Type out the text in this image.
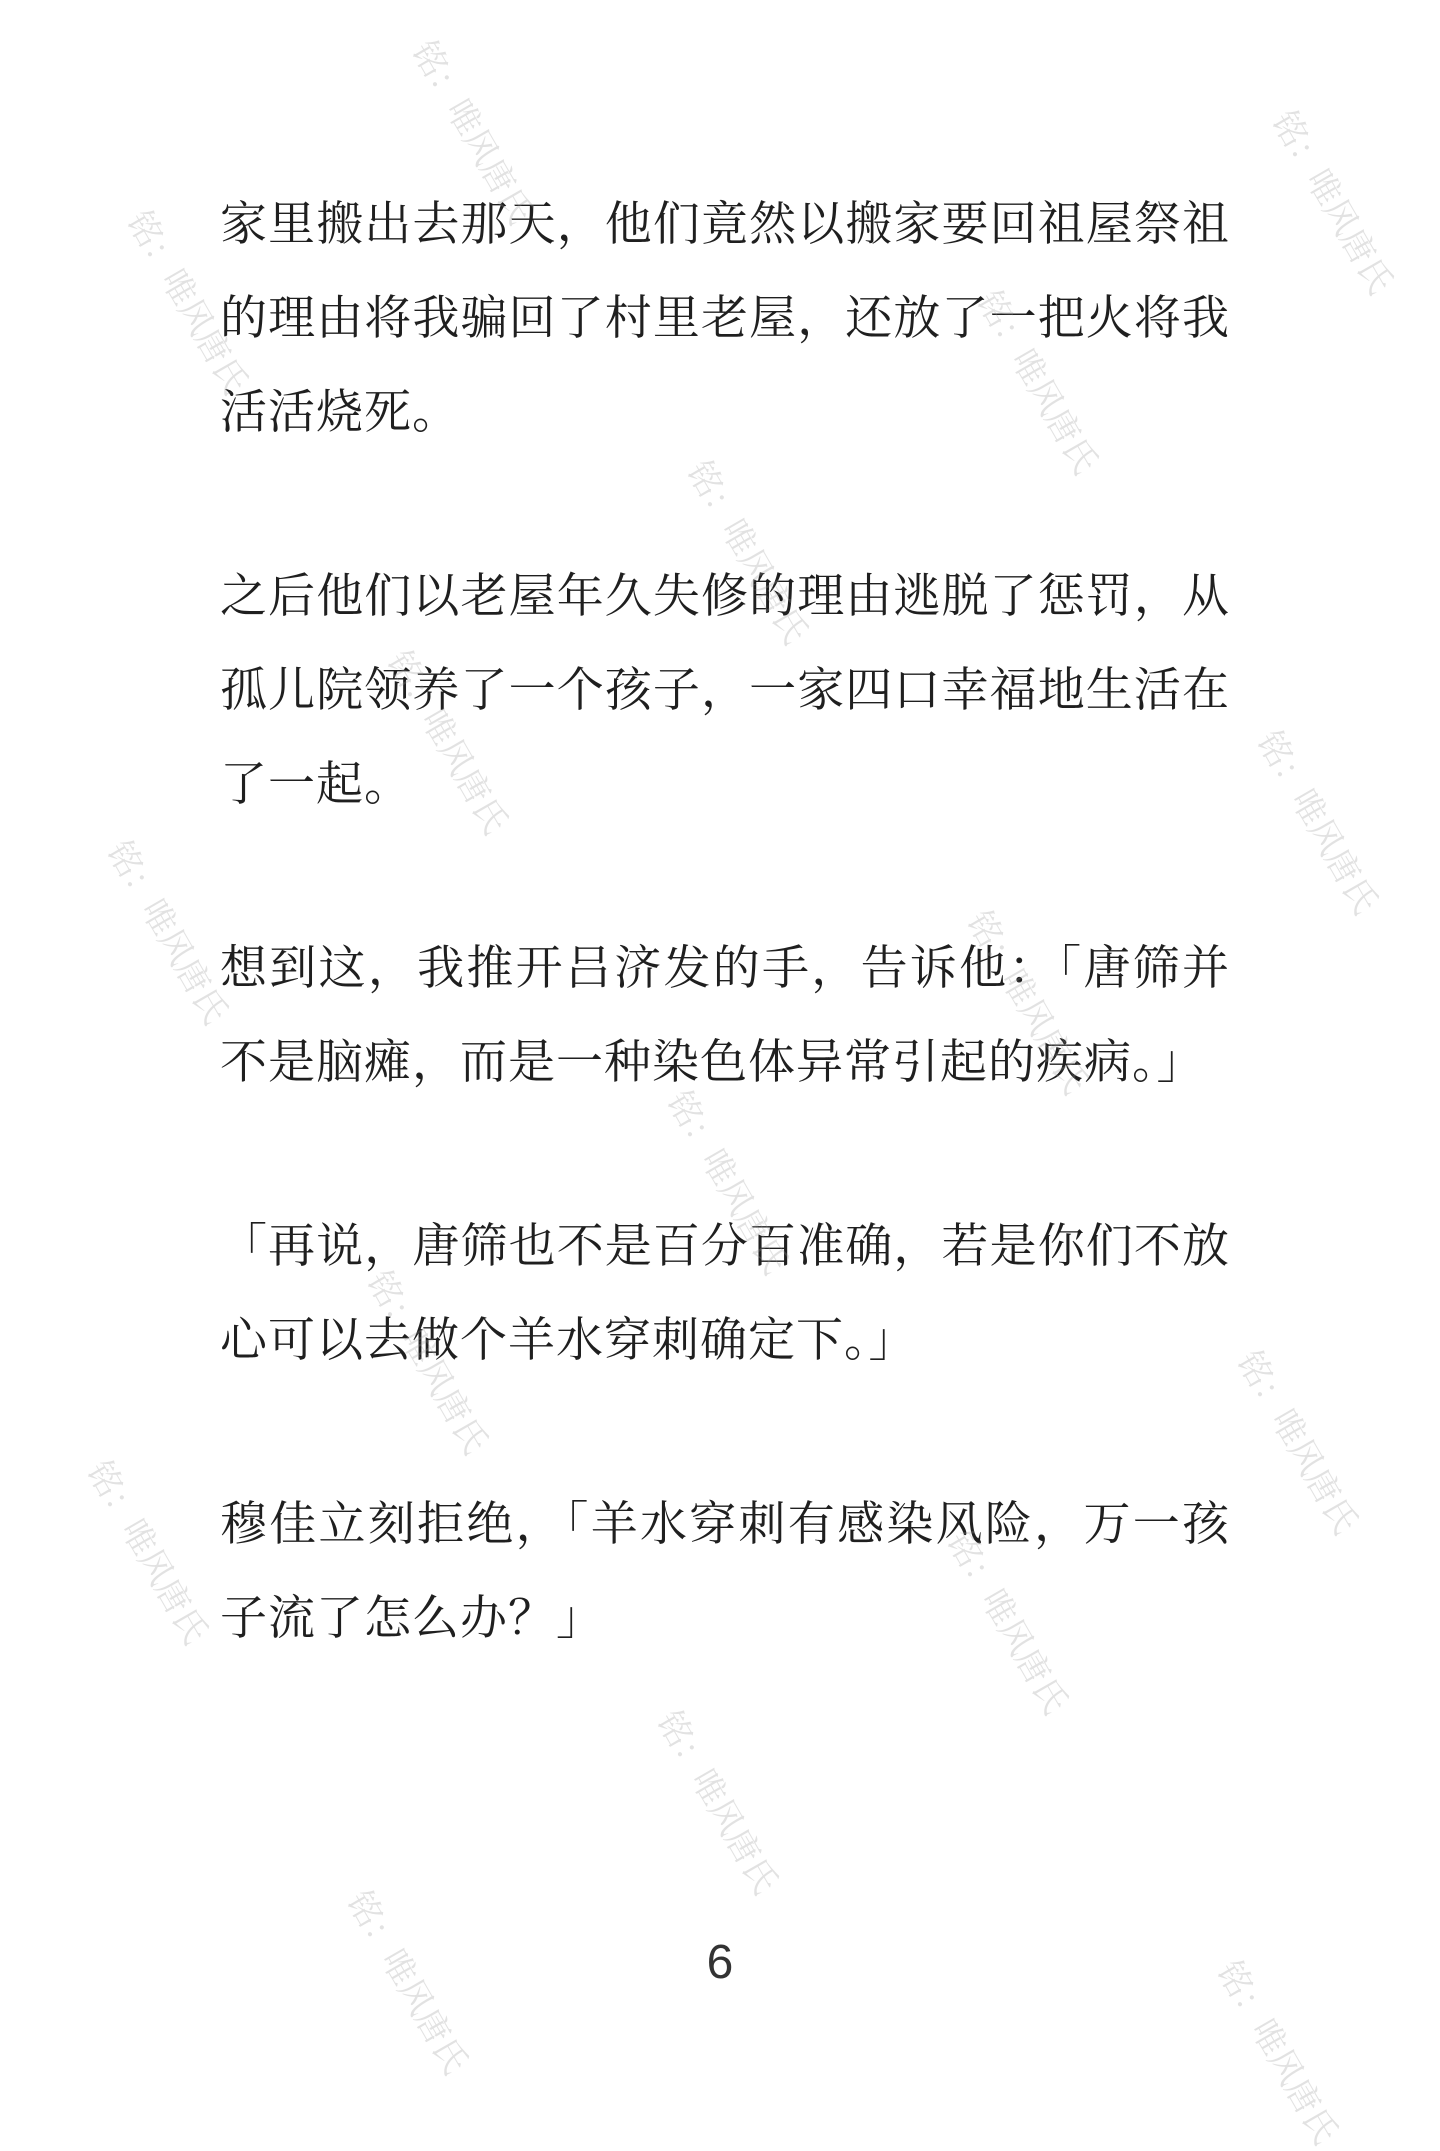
家里搬出去那天，他们竟然以搬家要回祖屋祭祖的理由将我骗回了村里老屋，还放了一把火将我活活烧死。

之后他们以老屋年久失修的理由逃脱了惩罚，从孤儿院领养了一个孩子，一家四口幸福地生活在了一起。

想到这，我推开吕济发的手，告诉他：「唐筛并不是脑瘫，而是一种染色体异常引起的疾病。」

「再说，唐筛也不是百分百准确，若是你们不放心可以去做个羊水穿刺确定下。」

穆佳立刻拒绝，「羊水穿刺有感染风险，万一孩子流了怎么办？」

6
铭：唯风唐氏	铭：唯风唐氏
铭：唯风唐氏	铭：唯风唐氏
铭：唯风唐氏
铭：唯风唐氏	铭：唯风唐氏
铭：唯风唐氏	铭：唯风唐氏
铭：唯风唐氏
铭：唯风唐氏	铭：唯风唐氏
铭：唯风唐氏	铭：唯风唐氏
铭：唯风唐氏
铭：唯风唐氏	铭：唯风唐氏
